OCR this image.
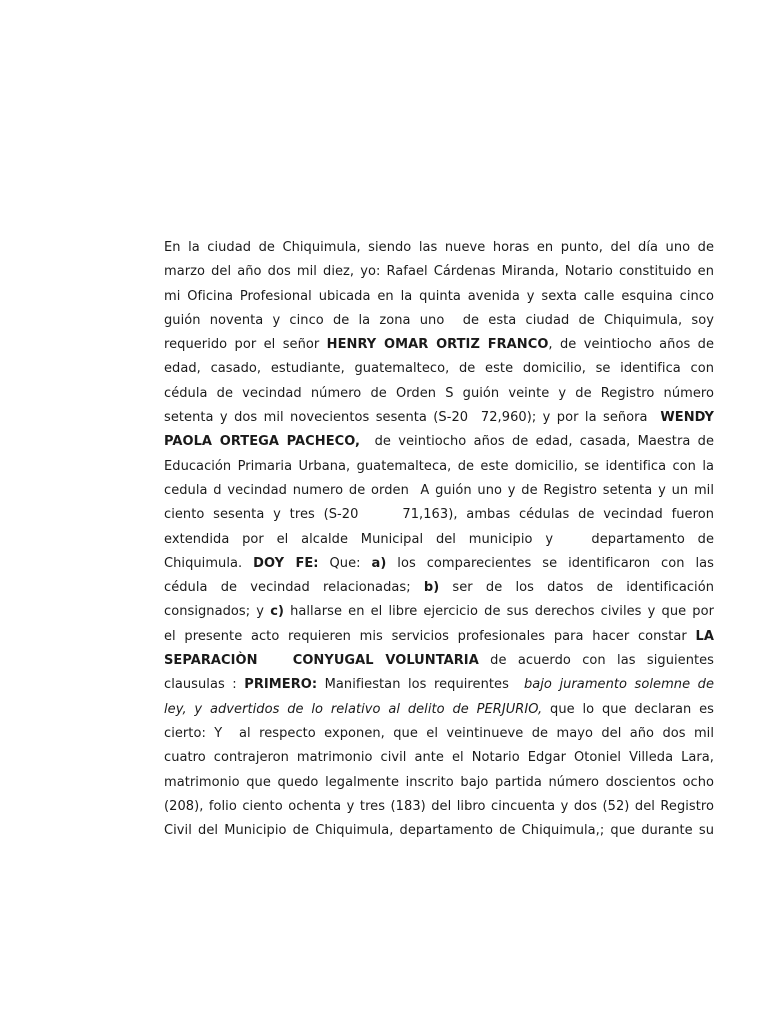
En la ciudad de Chiquimula, siendo las nueve horas en punto, del día uno de
marzo del año dos mil diez, yo: Rafael Cárdenas Miranda, Notario constituido en
mi Oficina Profesional ubicada en la quinta avenida y sexta calle esquina cinco
guión noventa y cinco de la zona uno  de esta ciudad de Chiquimula, soy
requerido por el señor HENRY OMAR ORTIZ FRANCO, de veintiocho años de
edad, casado, estudiante, guatemalteco, de este domicilio, se identifica con
cédula de vecindad número de Orden S guión veinte y de Registro número
setenta y dos mil novecientos sesenta (S-20  72,960); y por la señora  WENDY
PAOLA ORTEGA PACHECO,  de veintiocho años de edad, casada, Maestra de
Educación Primaria Urbana, guatemalteca, de este domicilio, se identifica con la
cedula d vecindad numero de orden  A guión uno y de Registro setenta y un mil
ciento sesenta y tres (S-20     71,163), ambas cédulas de vecindad fueron
extendida por el alcalde Municipal del municipio y   departamento de
Chiquimula. DOY FE: Que: a) los comparecientes se identificaron con las
cédula de vecindad relacionadas; b) ser de los datos de identificación
consignados; y c) hallarse en el libre ejercicio de sus derechos civiles y que por
el presente acto requieren mis servicios profesionales para hacer constar LA
SEPARACIÒN   CONYUGAL VOLUNTARIA de acuerdo con las siguientes
clausulas : PRIMERO: Manifiestan los requirentes  bajo juramento solemne de
ley, y advertidos de lo relativo al delito de PERJURIO, que lo que declaran es
cierto: Y  al respecto exponen, que el veintinueve de mayo del año dos mil
cuatro contrajeron matrimonio civil ante el Notario Edgar Otoniel Villeda Lara,
matrimonio que quedo legalmente inscrito bajo partida número doscientos ocho
(208), folio ciento ochenta y tres (183) del libro cincuenta y dos (52) del Registro
Civil del Municipio de Chiquimula, departamento de Chiquimula,; que durante su
